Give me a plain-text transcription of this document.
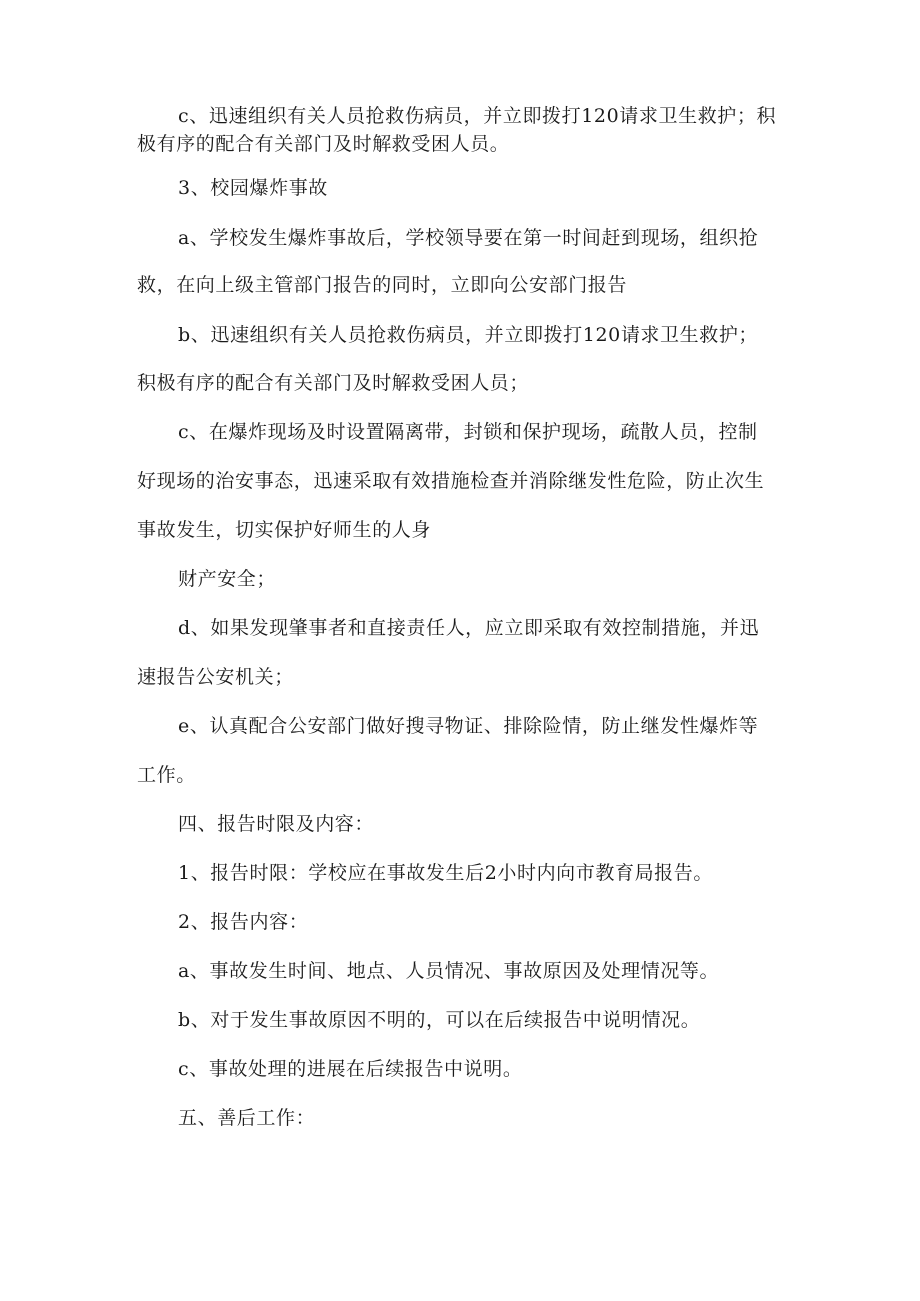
c、迅速组织有关人员抢救伤病员，并立即拨打120请求卫生救护；积
极有序的配合有关部门及时解救受困人员。
3、校园爆炸事故
a、学校发生爆炸事故后，学校领导要在第一时间赶到现场，组织抢
救，在向上级主管部门报告的同时，立即向公安部门报告
b、迅速组织有关人员抢救伤病员，并立即拨打120请求卫生救护；
积极有序的配合有关部门及时解救受困人员；
c、在爆炸现场及时设置隔离带，封锁和保护现场，疏散人员，控制
好现场的治安事态，迅速采取有效措施检查并消除继发性危险，防止次生
事故发生，切实保护好师生的人身
财产安全；
d、如果发现肇事者和直接责任人，应立即采取有效控制措施，并迅
速报告公安机关；
e、认真配合公安部门做好搜寻物证、排除险情，防止继发性爆炸等
工作。
四、报告时限及内容：
1、报告时限：学校应在事故发生后2小时内向市教育局报告。
2、报告内容：
a、事故发生时间、地点、人员情况、事故原因及处理情况等。
b、对于发生事故原因不明的，可以在后续报告中说明情况。
c、事故处理的进展在后续报告中说明。
五、善后工作：
